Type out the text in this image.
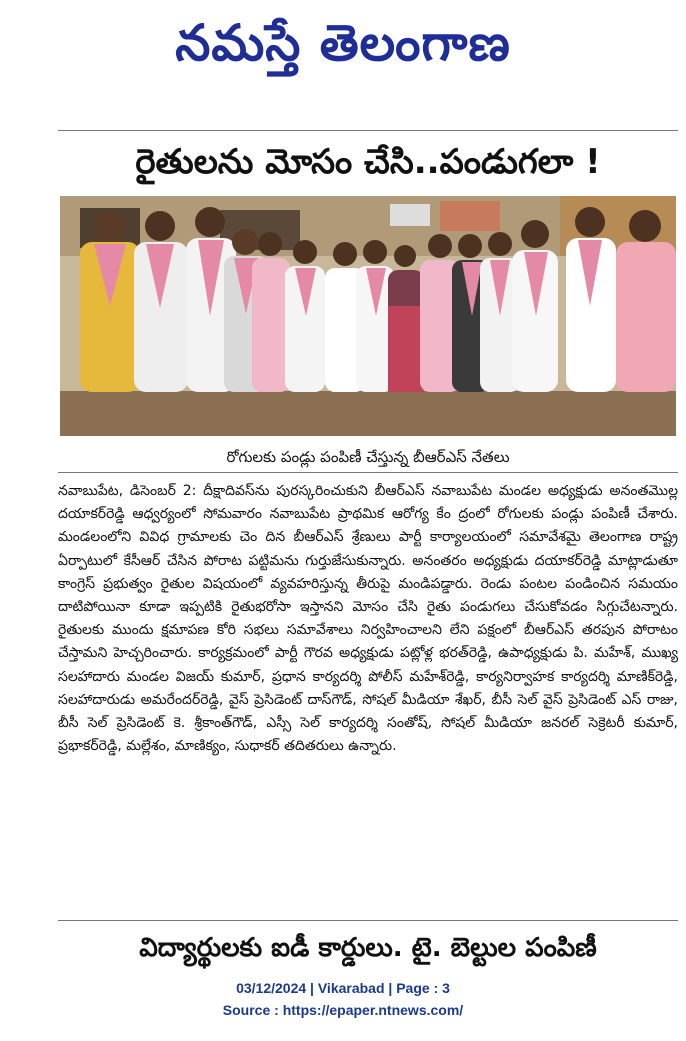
నమస్తే తెలంగాణ
రైతులను మోసం చేసి..పండుగలా !
రోగులకు పండ్లు పంపిణీ చేస్తున్న బీఆర్ఎస్ నేతలు

నవాబుపేట, డిసెంబర్ 2: దీక్షాదివస్‌ను పురస్కరించుకుని బీఆర్ఎస్ నవాబుపేట మండల అధ్యక్షుడు అనంతమొల్ల దయాకర్‌రెడ్డి ఆధ్వర్యంలో సోమవారం నవాబుపేట ప్రాథమిక ఆరోగ్య కేం ద్రంలో రోగులకు పండ్లు పంపిణీ చేశారు. మండలంలోని వివిధ గ్రామాలకు చెం దిన బీఆర్ఎస్ శ్రేణులు పార్టీ కార్యాలయంలో సమావేశమై తెలంగాణ రాష్ట్ర ఏర్పాటులో కేసీఆర్ చేసిన పోరాట పట్టిమను గుర్తుజేసుకున్నారు. అనంతరం అధ్యక్షుడు దయాకర్‌రెడ్డి మాట్లాడుతూ కాంగ్రెస్ ప్రభుత్వం రైతుల విషయంలో వ్యవహరిస్తున్న తీరుపై మండిపడ్డారు. రెండు పంటల పండించిన సమయం దాటిపోయినా కూడా ఇప్పటికి రైతుభరోసా ఇస్తానని మోసం చేసి రైతు పండుగలు చేసుకోవడం సిగ్గుచేటన్నారు. రైతులకు ముందు క్షమాపణ కోరి సభలు సమావేశాలు నిర్వహించాలని లేని పక్షంలో బీఆర్ఎస్ తరపున పోరాటం చేస్తామని హెచ్చరించారు. కార్యక్రమంలో పార్టీ గౌరవ అధ్యక్షుడు పట్లోళ్ల భరత్‌రెడ్డి, ఉపాధ్యక్షుడు పి. మహేశ్, ముఖ్య సలహాదారు మండల విజయ్ కుమార్, ప్రధాన కార్యదర్శి పోలీస్ మహేశ్‌రెడ్డి, కార్యనిర్వాహక కార్యదర్శి మాణిక్‌రెడ్డి, సలహాదారుడు అమరేందర్‌రెడ్డి, వైస్ ప్రెసిడెంట్ దాస్‌గౌడ్, సోషల్ మీడియా శేఖర్, బీసీ సెల్ వైస్ ప్రెసిడెంట్ ఎస్ రాజు, బీసీ సెల్ ప్రెసిడెంట్ కె. శ్రీకాంత్‌గౌడ్, ఎస్సీ సెల్ కార్యదర్శి సంతోష్, సోషల్ మీడియా జనరల్ సెక్రెటరీ కుమార్, ప్రభాకర్‌రెడ్డి, మల్లేశం, మాణిక్యం, సుధాకర్ తదితరులు ఉన్నారు.

విద్యార్థులకు ఐడీ కార్డులు. టై. బెల్టుల పంపిణీ
03/12/2024 | Vikarabad | Page : 3
Source : https://epaper.ntnews.com/
